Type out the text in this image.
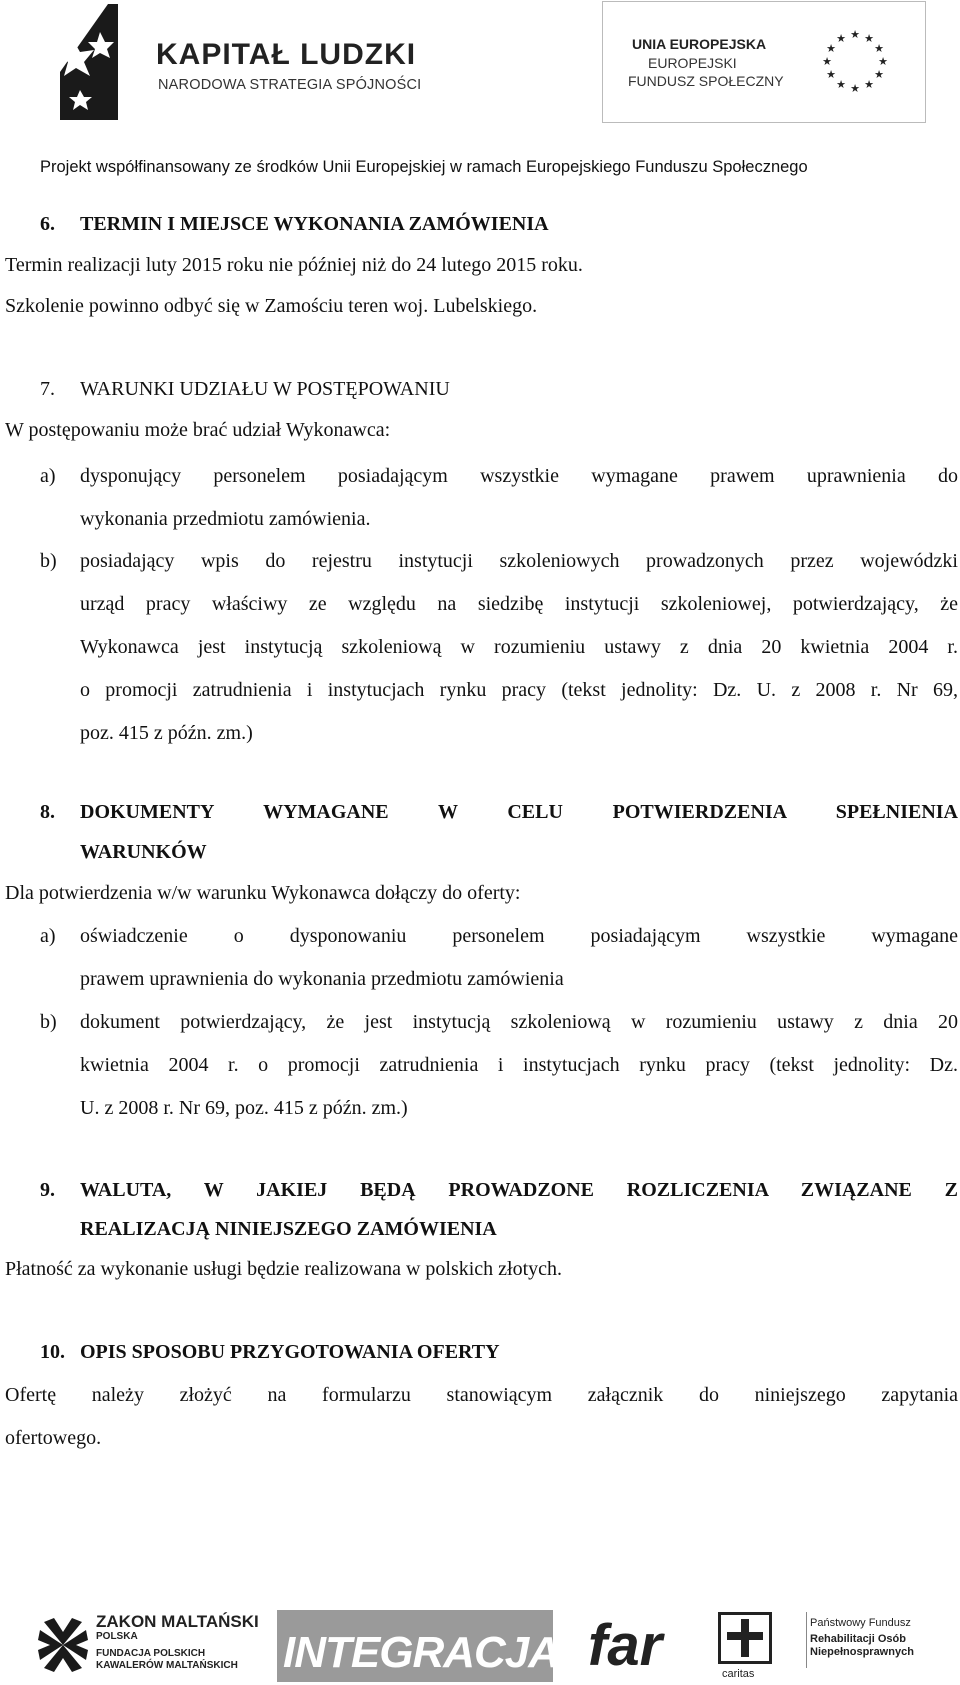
KAPITAŁ LUDZKI
NARODOWA STRATEGIA SPÓJNOŚCI
UNIA EUROPEJSKA
EUROPEJSKI
FUNDUSZ SPOŁECZNY
★ ★
★
★
★
★
★
★
★
★
★
★
Projekt współfinansowany ze środków Unii Europejskiej w ramach Europejskiego Funduszu Społecznego
6. TERMIN I MIEJSCE WYKONANIA ZAMÓWIENIA
Termin realizacji luty 2015 roku nie później niż do 24 lutego 2015 roku.
Szkolenie powinno odbyć się w Zamościu teren woj. Lubelskiego.
7. WARUNKI UDZIAŁU W POSTĘPOWANIU
W postępowaniu może brać udział Wykonawca:
a) dysponujący personelem posiadającym wszystkie wymagane prawem uprawnienia do
wykonania przedmiotu zamówienia.
b) posiadający wpis do rejestru instytucji szkoleniowych prowadzonych przez wojewódzki
urząd pracy właściwy ze względu na siedzibę instytucji szkoleniowej, potwierdzający, że
Wykonawca jest instytucją szkoleniową w rozumieniu ustawy z dnia 20 kwietnia 2004 r.
o promocji zatrudnienia i instytucjach rynku pracy (tekst jednolity: Dz. U. z 2008 r. Nr 69,
poz. 415 z późn. zm.)
8. DOKUMENTY WYMAGANE W CELU POTWIERDZENIA SPEŁNIENIA
WARUNKÓW
Dla potwierdzenia w/w warunku Wykonawca dołączy do oferty:
a) oświadczenie o dysponowaniu personelem posiadającym wszystkie wymagane
prawem uprawnienia do wykonania przedmiotu zamówienia
b) dokument potwierdzający, że jest instytucją szkoleniową w rozumieniu ustawy z dnia 20
kwietnia 2004 r. o promocji zatrudnienia i instytucjach rynku pracy (tekst jednolity: Dz.
U. z 2008 r. Nr 69, poz. 415 z późn. zm.)
9. WALUTA, W JAKIEJ BĘDĄ PROWADZONE ROZLICZENIA ZWIĄZANE Z
REALIZACJĄ NINIEJSZEGO ZAMÓWIENIA
Płatność za wykonanie usługi będzie realizowana w polskich złotych.
10. OPIS SPOSOBU PRZYGOTOWANIA OFERTY
Ofertę należy złożyć na formularzu stanowiącym załącznik do niniejszego zapytania
ofertowego.
ZAKON MALTAŃSKI
POLSKA
FUNDACJA POLSKICH
KAWALERÓW MALTAŃSKICH INTEGRACJA far	caritas
Państwowy Fundusz
Rehabilitacji Osób
Niepełnosprawnych
